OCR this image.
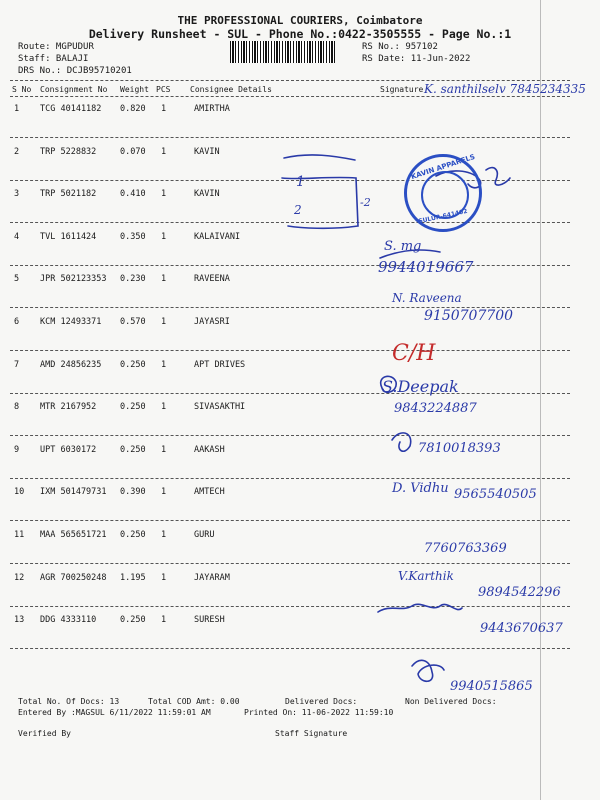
THE PROFESSIONAL COURIERS, Coimbatore
Delivery Runsheet - SUL - Phone No.:0422-3505555 - Page No.:1
Route: MGPUDUR
Staff: BALAJI
DRS No.: DCJB95710201
RS No.: 957102
RS Date: 11-Jun-2022
S No Consignment No Weight PCS Consignee Details	Signature
1 TCG 40141182 0.820 1	AMIRTHA
2 TRP 5228832	0.070 1	KAVIN
3 TRP 5021182	0.410 1	KAVIN
4 TVL 1611424	0.350 1	KALAIVANI
5 JPR 502123353 0.230 1	RAVEENA
6 KCM 12493371 0.570 1	JAYASRI
7 AMD 24856235 0.250 1	APT DRIVES
8 MTR 2167952	0.250 1	SIVASAKTHI
9 UPT 6030172	0.250 1	AAKASH
10 IXM 501479731 0.390 1	AMTECH
11 MAA 565651721 0.250 1	GURU
12 AGR 700250248 1.195 1	JAYARAM
13 DDG 4333110	0.250 1	SURESH
K. santhilselv 7845234335
1
2
-2
S. mg
9944019667
N. Raveena
9150707700
C/H
S.Deepak
9843224887
7810018393
D. Vidhu 9565540505
7760763369
V.Karthik
9894542296
9443670637
9940515865
KAVIN APPARELS
SULUR-641402
Total No. Of Docs: 13	Total COD Amt: 0.00	Delivered Docs:	Non Delivered Docs:
Entered By :MAGSUL 6/11/2022 11:59:01 AM	Printed On: 11-06-2022 11:59:10
Verified By	Staff Signature
